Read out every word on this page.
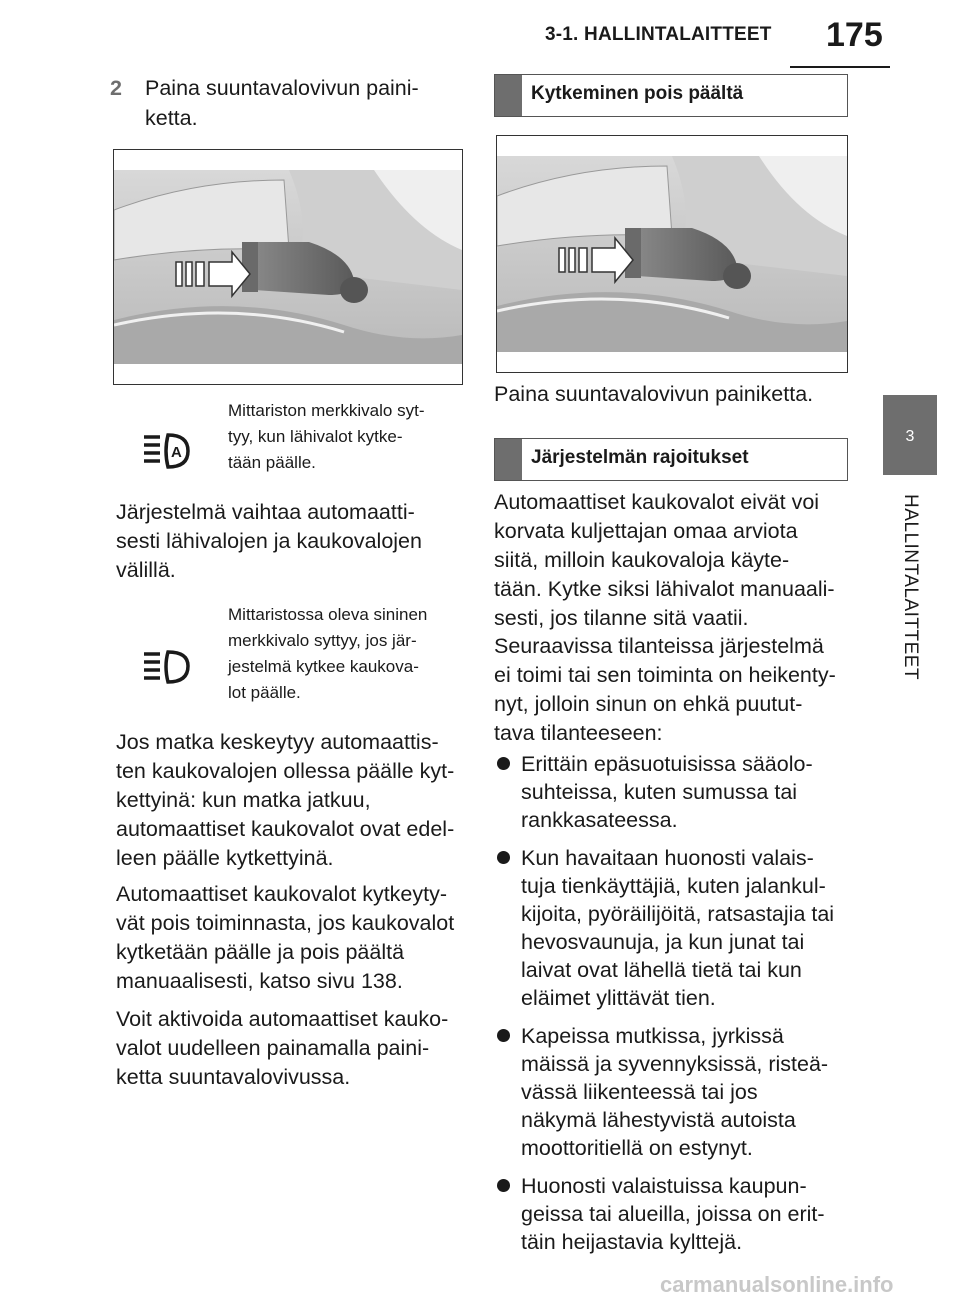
3-1. HALLINTALAITTEET 175
3
HALLINTALAITTEET
2 Paina suuntavalovivun paini-
ketta.
A
Mittariston merkkivalo syt-
tyy, kun lähivalot kytke-
tään päälle.
Järjestelmä vaihtaa automaatti-
sesti lähivalojen ja kaukovalojen
välillä.
Mittaristossa oleva sininen
merkkivalo syttyy, jos jär-
jestelmä kytkee kaukova-
lot päälle.
Jos matka keskeytyy automaattis-
ten kaukovalojen ollessa päälle kyt-
kettyinä: kun matka jatkuu,
automaattiset kaukovalot ovat edel-
leen päälle kytkettyinä.
Automaattiset kaukovalot kytkeyty-
vät pois toiminnasta, jos kaukovalot
kytketään päälle ja pois päältä
manuaalisesti, katso sivu 138.
Voit aktivoida automaattiset kauko-
valot uudelleen painamalla paini-
ketta suuntavalovivussa.
Kytkeminen pois päältä
Paina suuntavalovivun painiketta.
Järjestelmän rajoitukset
Automaattiset kaukovalot eivät voi
korvata kuljettajan omaa arviota
siitä, milloin kaukovaloja käyte-
tään. Kytke siksi lähivalot manuaali-
sesti, jos tilanne sitä vaatii.
Seuraavissa tilanteissa järjestelmä
ei toimi tai sen toiminta on heikenty-
nyt, jolloin sinun on ehkä puutut-
tava tilanteeseen:
Erittäin epäsuotuisissa sääolo-
suhteissa, kuten sumussa tai
rankkasateessa.
Kun havaitaan huonosti valais-
tuja tienkäyttäjiä, kuten jalankul-
kijoita, pyöräilijöitä, ratsastajia tai
hevosvaunuja, ja kun junat tai
laivat ovat lähellä tietä tai kun
eläimet ylittävät tien.
Kapeissa mutkissa, jyrkissä
mäissä ja syvennyksissä, risteä-
vässä liikenteessä tai jos
näkymä lähestyvistä autoista
moottoritiellä on estynyt.
Huonosti valaistuissa kaupun-
geissa tai alueilla, joissa on erit-
täin heijastavia kylttejä.
carmanualsonline.info
